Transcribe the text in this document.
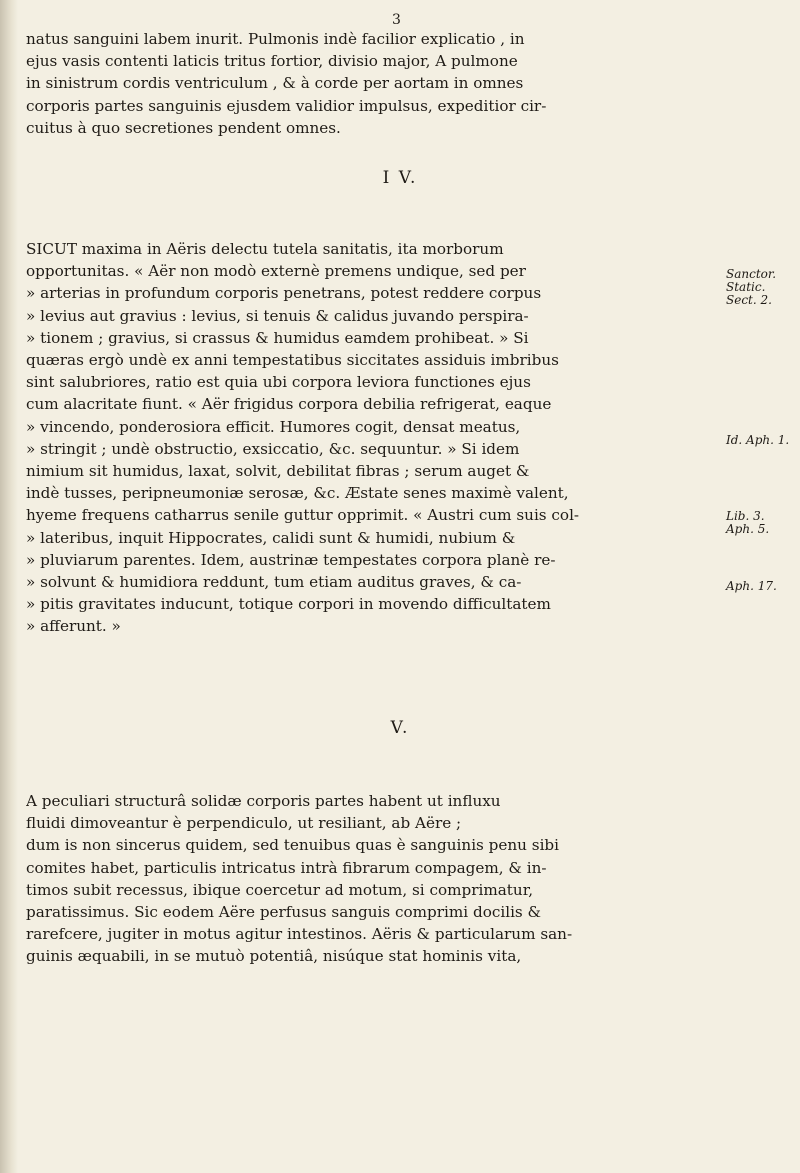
3
natus sanguini labem inurit. Pulmonis indè facilior explicatio , in
ejus vasis contenti laticis tritus fortior, divisio major, A pulmone
in sinistrum cordis ventriculum , & à corde per aortam in omnes
corporis partes sanguinis ejusdem validior impulsus, expeditior cir-
cuitus à quo secretiones pendent omnes.
I V.
SICUT maxima in Aëris delectu tutela sanitatis, ita morborum
opportunitas. « Aër non modò externè premens undique, sed per
» arterias in profundum corporis penetrans, potest reddere corpus
» levius aut gravius : levius, si tenuis & calidus juvando perspira-
» tionem ; gravius, si crassus & humidus eamdem prohibeat. » Si
quæras ergò undè ex anni tempestatibus siccitates assiduis imbribus
sint salubriores, ratio est quia ubi corpora leviora functiones ejus
cum alacritate fiunt. « Aër frigidus corpora debilia refrigerat, eaque
» vincendo, ponderosiora efficit. Humores cogit, densat meatus,
» stringit ; undè obstructio, exsiccatio, &c. sequuntur. » Si idem
nimium sit humidus, laxat, solvit, debilitat fibras ; serum auget &
indè tusses, peripneumoniæ serosæ, &c. Æstate senes maximè valent,
hyeme frequens catharrus senile guttur opprimit. « Austri cum suis col-
» lateribus, inquit Hippocrates, calidi sunt & humidi, nubium &
» pluviarum parentes. Idem, austrinæ tempestates corpora planè re-
» solvunt & humidiora reddunt, tum etiam auditus graves, & ca-
» pitis gravitates inducunt, totique corpori in movendo difficultatem
» afferunt. »
V.
A peculiari structurâ solidæ corporis partes habent ut influxu
fluidi dimoveantur è perpendiculo, ut resiliant, ab Aëre ;
dum is non sincerus quidem, sed tenuibus quas è sanguinis penu sibi
comites habet, particulis intricatus intrà fibrarum compagem, & in-
timos subit recessus, ibique coercetur ad motum, si comprimatur,
paratissimus. Sic eodem Aëre perfusus sanguis comprimi docilis &
rarefcere, jugiter in motus agitur intestinos. Aëris & particularum san-
guinis æquabili, in se mutuò potentiâ, nisúque stat hominis vita,
Sanctor.
Static.
Sect. 2.
Id. Aph. 1.
Lib. 3.
Aph. 5.
Aph. 17.
